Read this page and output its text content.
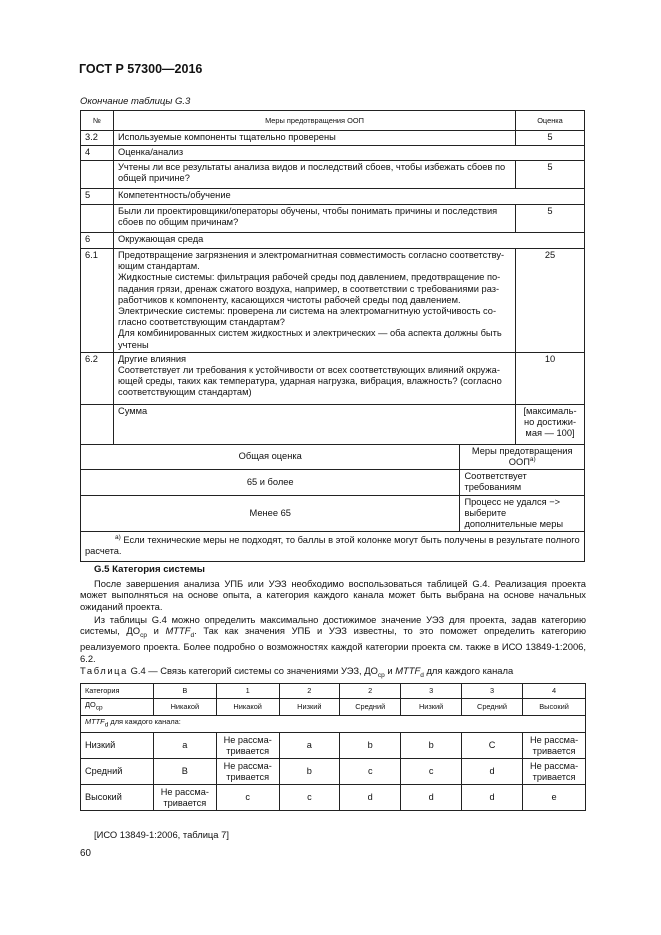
ГОСТ Р 57300—2016
Окончание таблицы G.3
№	Меры предотвращения ООП		Оценка
3.2	Используемые компоненты тщательно проверены		5
4	Оценка/анализ		
	Учтены ли все результаты анализа видов и последствий сбоев, чтобы избежать сбоев по общей причине?		5
5	Компетентность/обучение		
	Были ли проектировщики/операторы обучены, чтобы понимать причины и последствия сбоев по общим причинам?		5
6	Окружающая среда		
6.1	Предотвращение загрязнения и электромагнитная совместимость согласно соответствующим стандартам.
Жидкостные системы: фильтрация рабочей среды под давлением, предотвращение попадания грязи, дренаж сжатого воздуха, например, в соответствии с требованиями разработчиков к компоненту, касающихся чистоты рабочей среды под давлением.
Электрические системы: проверена ли система на электромагнитную устойчивость согласно соответствующим стандартам?
Для комбинированных систем жидкостных и электрических — оба аспекта должны быть учтены		25
6.2	Другие влияния
Соответствует ли требования к устойчивости от всех соответствующих влияний окружающей среды, таких как температура, ударная нагрузка, вибрация, влажность? (согласно соответствующим стандартам)		10
	Сумма		[максимально достижимая — 100]
Общая оценка		Меры предотвращения $ООП^{а)}$
65 и более		Соответствует требованиям	
Менее 65		Процесс не удался −> выберите дополнительные меры	
$^{а)}$ Если технические меры не подходят, то баллы в этой колонке могут быть получены в результате полного расчета.			
G.5 Категория системы

После завершения анализа УПБ или УЭЗ необходимо воспользоваться таблицей G.4. Реализация проекта может выполняться на основе опыта, а категория каждого канала может быть выбрана на основе начальных ожиданий проекта.

Из таблицы G.4 можно определить максимально достижимое значение УЭЗ для проекта, задав категорию системы, $ДО_{ср}$ и $MTTF_d$. Так как значения УПБ и УЭЗ известны, то это поможет определить категорию реализуемого проекта. Более подробно о возможностях каждой категории проекта см. также в ИСО 13849-1:2006, 6.2.

Таблица G.4 — Связь категорий системы со значениями УЭЗ, $ДО_{ср}$ и $MTTF_d$ для каждого канала
Категория	B	1	2	2	3	3	4
$ДО_{ср}$	Никакой	Никакой	Низкий	Средний	Низкий	Средний	Высокий
$MTTF_d$ для каждого канала:							
Низкий	a	Не рассматривается	a	b	b	C	Не рассматривается
Средний	B	Не рассматривается	b	c	c	d	Не рассматривается
Высокий	Не рассматривается	c	c	d	d	d	e
[ИСО 13849-1:2006, таблица 7]
60
